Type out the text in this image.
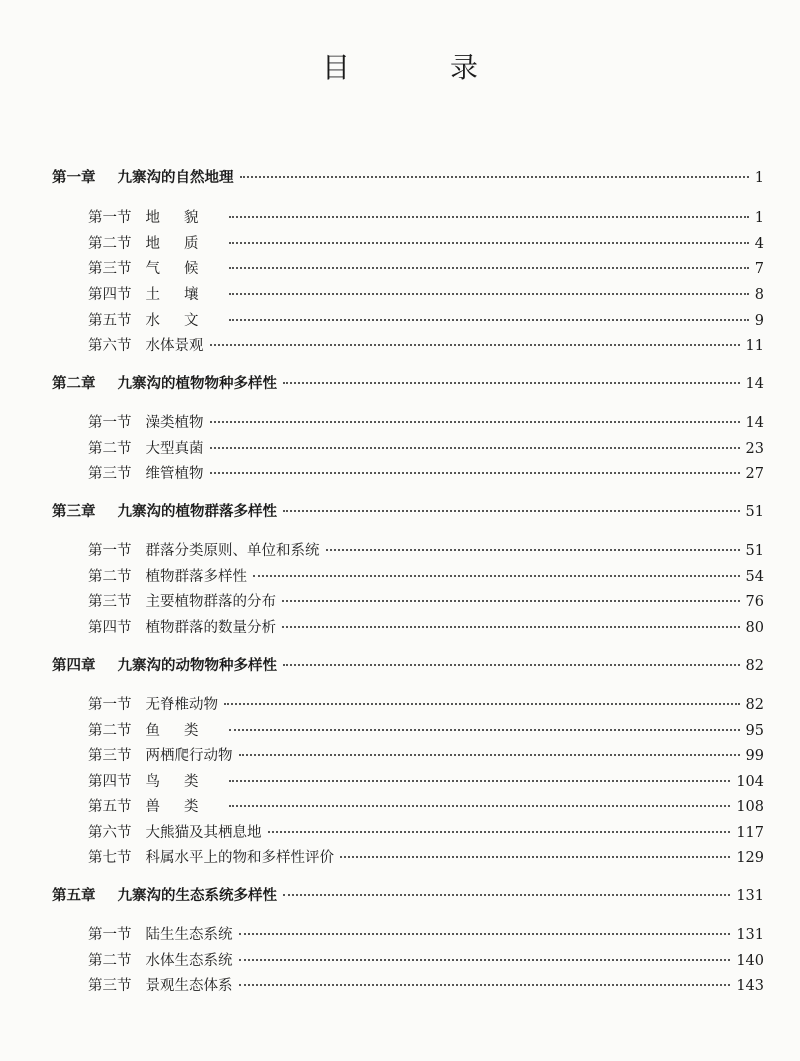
目　录
第一章 九寨沟的自然地理	1
第一节 地貌	1
第二节 地质	4
第三节 气候	7
第四节 土壤	8
第五节 水文	9
第六节 水体景观	11
第二章 九寨沟的植物物种多样性	14
第一节 澡类植物	14
第二节 大型真菌	23
第三节 维管植物	27
第三章 九寨沟的植物群落多样性	51
第一节 群落分类原则、单位和系统	51
第二节 植物群落多样性	54
第三节 主要植物群落的分布	76
第四节 植物群落的数量分析	80
第四章 九寨沟的动物物种多样性	82
第一节 无脊椎动物	82
第二节 鱼类	95
第三节 两栖爬行动物	99
第四节 鸟类	104
第五节 兽类	108
第六节 大熊猫及其栖息地	117
第七节 科属水平上的物和多样性评价	129
第五章 九寨沟的生态系统多样性	131
第一节 陆生生态系统	131
第二节 水体生态系统	140
第三节 景观生态体系	143
